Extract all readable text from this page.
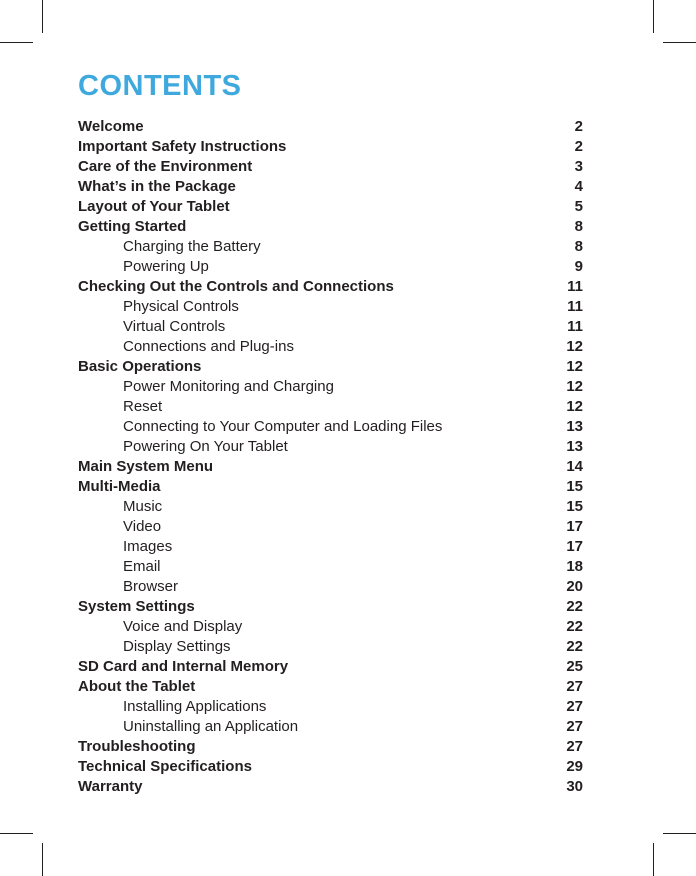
CONTENTS
Welcome	2
Important Safety Instructions	2
Care of the Environment	3
What’s in the Package	4
Layout of Your Tablet	5
Getting Started	8
Charging the Battery	8
Powering Up	9
Checking Out the Controls and Connections	11
Physical Controls	11
Virtual Controls	11
Connections and Plug-ins	12
Basic Operations	12
Power Monitoring and Charging	12
Reset	12
Connecting to Your Computer and Loading Files	13
Powering On Your Tablet	13
Main System Menu	14
Multi-Media	15
Music	15
Video	17
Images	17
Email	18
Browser	20
System Settings	22
Voice and Display	22
Display Settings	22
SD Card and Internal Memory	25
About the Tablet	27
Installing Applications	27
Uninstalling an Application	27
Troubleshooting	27
Technical Specifications	29
Warranty	30
